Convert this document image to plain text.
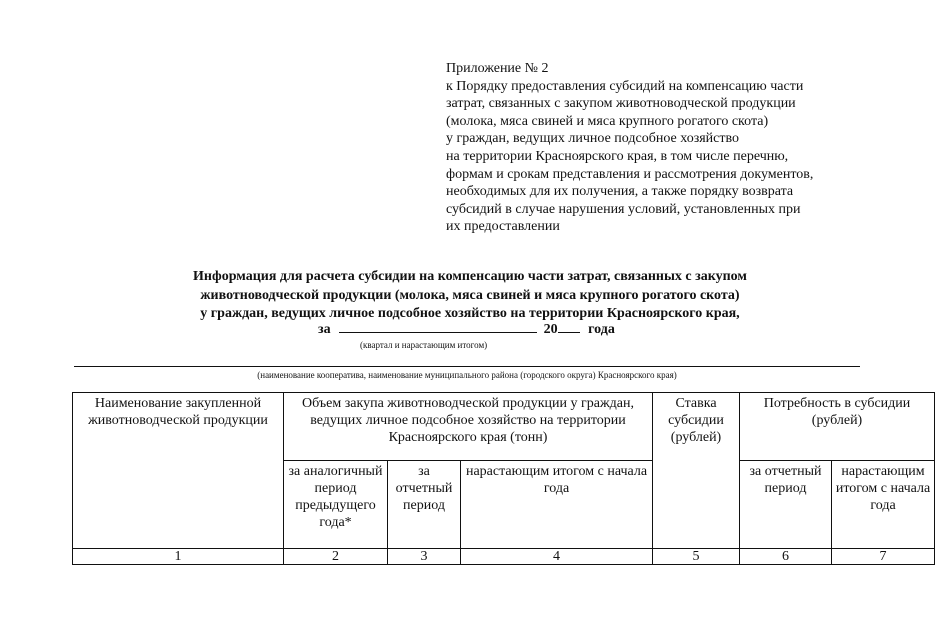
Приложение № 2
к Порядку предоставления субсидий на компенсацию части
затрат, связанных с закупом животноводческой продукции
(молока, мяса свиней и мяса крупного рогатого скота)
у граждан, ведущих личное подсобное хозяйство
на территории Красноярского края, в том числе перечню,
формам и срокам представления и рассмотрения документов,
необходимых для их получения, а также порядку возврата
субсидий в случае нарушения условий, установленных при
их предоставлении
Информация для расчета субсидии на компенсацию части затрат, связанных с закупом
животноводческой продукции (молока, мяса свиней и мяса крупного рогатого скота)
у граждан, ведущих личное подсобное хозяйство на территории Красноярского края,
за	20 года
(квартал и нарастающим итогом)
(наименование кооператива, наименование муниципального района (городского округа) Красноярского края)
Наименование закупленной животноводческой продукции	Объем закупа животноводческой продукции у граждан, ведущих личное подсобное хозяйство на территории Красноярского края (тонн)			Ставка субсидии (рублей)	Потребность в субсидии (рублей)	
	за аналогичный период предыдущего года*	за отчетный период	нарастающим итогом с начала года		за отчетный период	нарастающим итогом с начала года
1	2	3	4	5	6	7
